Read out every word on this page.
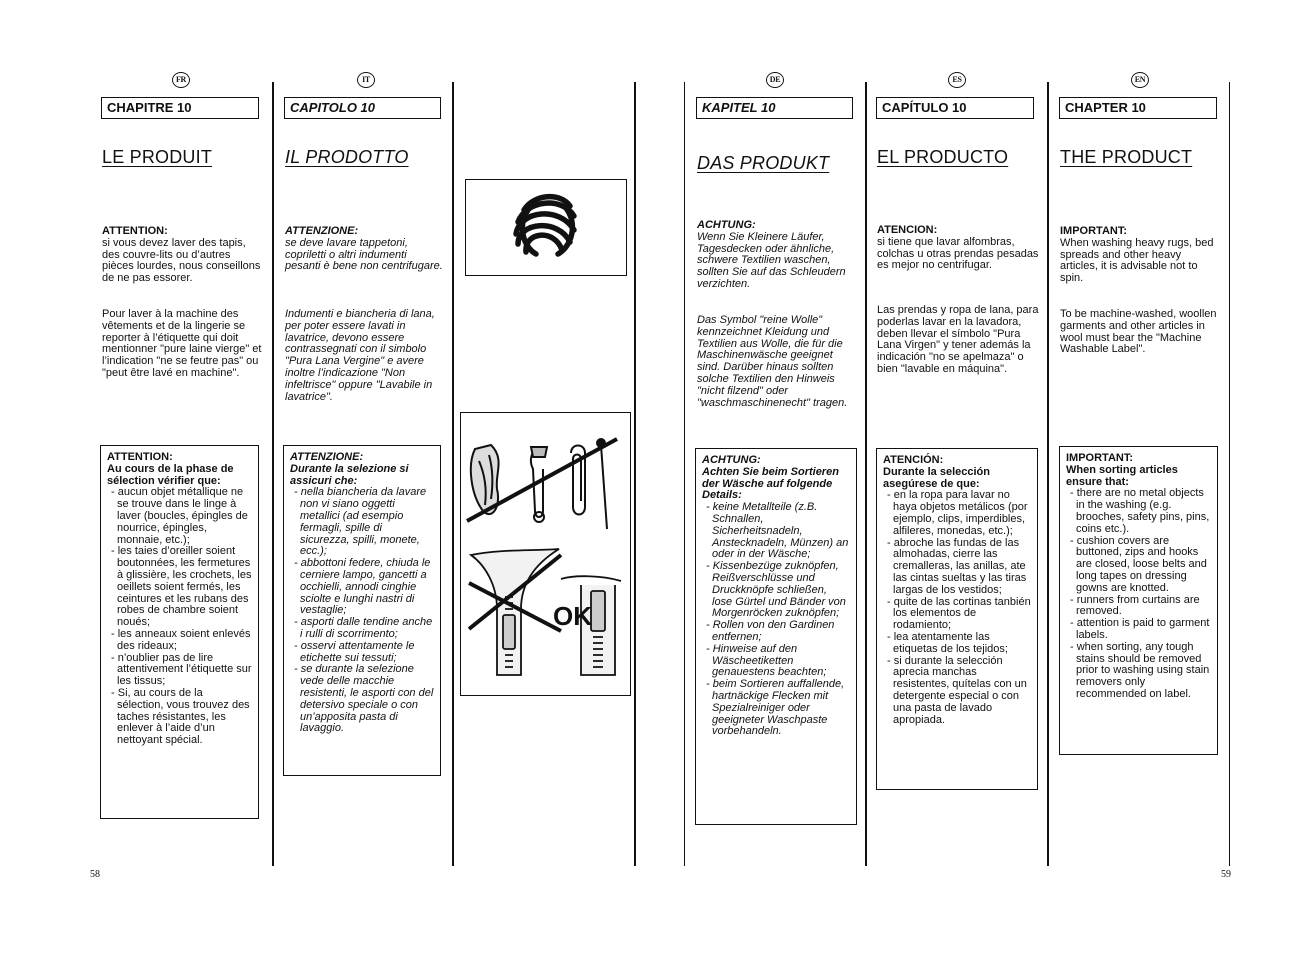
FR
CHAPITRE 10
LE PRODUIT
ATTENTION:
si vous devez laver des tapis, des couvre-lits ou d’autres pièces lourdes, nous conseillons de ne pas essorer.
Pour laver à la machine des vêtements et de la lingerie se reporter à l’étiquette qui doit mentionner "pure laine vierge" et l’indication "ne se feutre pas" ou "peut être lavé en machine".
ATTENTION:
Au cours de la phase de sélection vérifier que:
- aucun objet métallique ne se trouve dans le linge à laver (boucles, épingles de nourrice, épingles, monnaie, etc.);
- les taies d’oreiller soient boutonnées, les fermetures à glissière, les crochets, les oeillets soient fermés, les ceintures et les rubans des robes de chambre soient noués;
- les anneaux soient enlevés des rideaux;
- n’oublier pas de lire attentivement l’étiquette sur les tissus;
- Si, au cours de la sélection, vous trouvez des taches résistantes, les enlever à l’aide d’un nettoyant spécial.
IT
CAPITOLO 10
IL PRODOTTO
ATTENZIONE:
se deve lavare tappetoni, copriletti o altri indumenti pesanti è bene non centrifugare.
Indumenti e biancheria di lana, per poter essere lavati in lavatrice, devono essere contrassegnati con il simbolo "Pura Lana Vergine" e avere inoltre l’indicazione "Non infeltrisce" oppure "Lavabile in lavatrice".
ATTENZIONE:
Durante la selezione si assicuri che:
- nella biancheria da lavare non vi siano oggetti metallici (ad esempio fermagli, spille di sicurezza, spilli, monete, ecc.);
- abbottoni federe, chiuda le cerniere lampo, gancetti a occhielli, annodi cinghie sciolte e lunghi nastri di vestaglie;
- asporti dalle tendine anche i rulli di scorrimento;
- osservi attentamente le etichette sui tessuti;
- se durante la selezione vede delle macchie resistenti, le asporti con del detersivo speciale o con un’apposita pasta di lavaggio.
OK
DE
KAPITEL 10
DAS PRODUKT
ACHTUNG:
Wenn Sie Kleinere Läufer, Tagesdecken oder ähnliche, schwere Textilien waschen, sollten Sie auf das Schleudern verzichten.
Das Symbol "reine Wolle" kennzeichnet Kleidung und Textilien aus Wolle, die für die Maschinenwäsche geeignet sind. Darüber hinaus sollten solche Textilien den Hinweis "nicht filzend" oder "waschmaschinenecht" tragen.
ACHTUNG:
Achten Sie beim Sortieren der Wäsche auf folgende Details:
- keine Metallteile (z.B. Schnallen, Sicherheitsnadeln, Anstecknadeln, Münzen) an oder in der Wäsche;
- Kissenbezüge zuknöpfen, Reißverschlüsse und Druckknöpfe schließen, lose Gürtel und Bänder von Morgenröcken zuknöpfen;
- Rollen von den Gardinen entfernen;
- Hinweise auf den Wäscheetiketten genauestens beachten;
- beim Sortieren auffallende, hartnäckige Flecken mit Spezialreiniger oder geeigneter Waschpaste vorbehandeln.
ES
CAPÍTULO 10
EL PRODUCTO
ATENCION:
si tiene que lavar alfombras, colchas u otras prendas pesadas es mejor no centrifugar.
Las prendas y ropa de lana, para poderlas lavar en la lavadora, deben llevar el símbolo "Pura Lana Virgen" y tener además la indicación "no se apelmaza" o bien "lavable en máquina".
ATENCIÓN:
Durante la selección asegúrese de que:
- en la ropa para lavar no haya objetos metálicos (por ejemplo, clips, imperdibles, alfileres, monedas, etc.);
- abroche las fundas de las almohadas, cierre las cremalleras, las anillas, ate las cintas sueltas y las tiras largas de los vestidos;
- quite de las cortinas tanbién los elementos de rodamiento;
- lea atentamente las etiquetas de los tejidos;
- si durante la selección aprecia manchas resistentes, quítelas con un detergente especial o con una pasta de lavado apropiada.
EN
CHAPTER 10
THE PRODUCT
IMPORTANT:
When washing heavy rugs, bed spreads and other heavy articles, it is advisable not to spin.
To be machine-washed, woollen garments and other articles in wool must bear the "Machine Washable Label".
IMPORTANT:
When sorting articles ensure that:
- there are no metal objects in the washing (e.g. brooches, safety pins, pins, coins etc.).
- cushion covers are buttoned, zips and hooks are closed, loose belts and long tapes on dressing gowns are knotted.
- runners from curtains are removed.
- attention is paid to garment labels.
- when sorting, any tough stains should be removed prior to washing using stain removers only recommended on label.
58	59
